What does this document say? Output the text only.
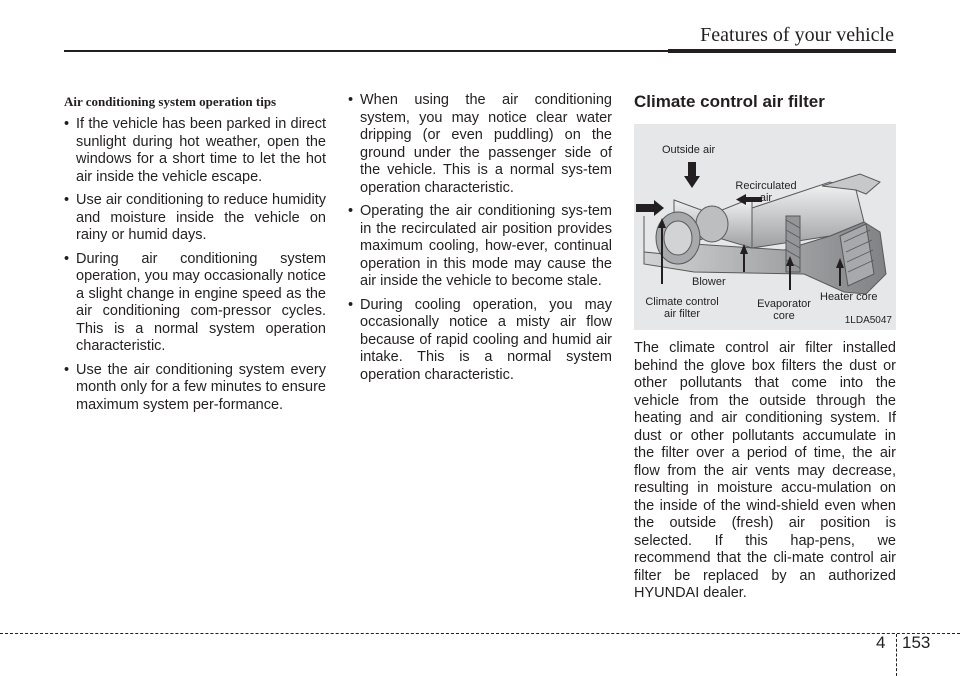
Features of your vehicle
Air conditioning system operation tips
• If the vehicle has been parked in direct sunlight during hot weather, open the windows for a short time to let the hot air inside the vehicle escape.
• Use air conditioning to reduce humidity and moisture inside the vehicle on rainy or humid days.
• During air conditioning system operation, you may occasionally notice a slight change in engine speed as the air conditioning com-pressor cycles. This is a normal system operation characteristic.
• Use the air conditioning system every month only for a few minutes to ensure maximum system per-formance.
• When using the air conditioning system, you may notice clear water dripping (or even puddling) on the ground under the passenger side of the vehicle. This is a normal sys-tem operation characteristic.
• Operating the air conditioning sys-tem in the recirculated air position provides maximum cooling, how-ever, continual operation in this mode may cause the air inside the vehicle to become stale.
• During cooling operation, you may occasionally notice a misty air flow because of rapid cooling and humid air intake. This is a normal system operation characteristic.
Climate control air filter
Outside air
Recirculated
air
Blower
Climate control
air filter
Evaporator
core
Heater core
1LDA5047
The climate control air filter installed behind the glove box filters the dust or other pollutants that come into the vehicle from the outside through the heating and air conditioning system. If dust or other pollutants accumulate in the filter over a period of time, the air flow from the air vents may decrease, resulting in moisture accu-mulation on the inside of the wind-shield even when the outside (fresh) air position is selected. If this hap-pens, we recommend that the cli-mate control air filter be replaced by an authorized HYUNDAI dealer.
4 153
